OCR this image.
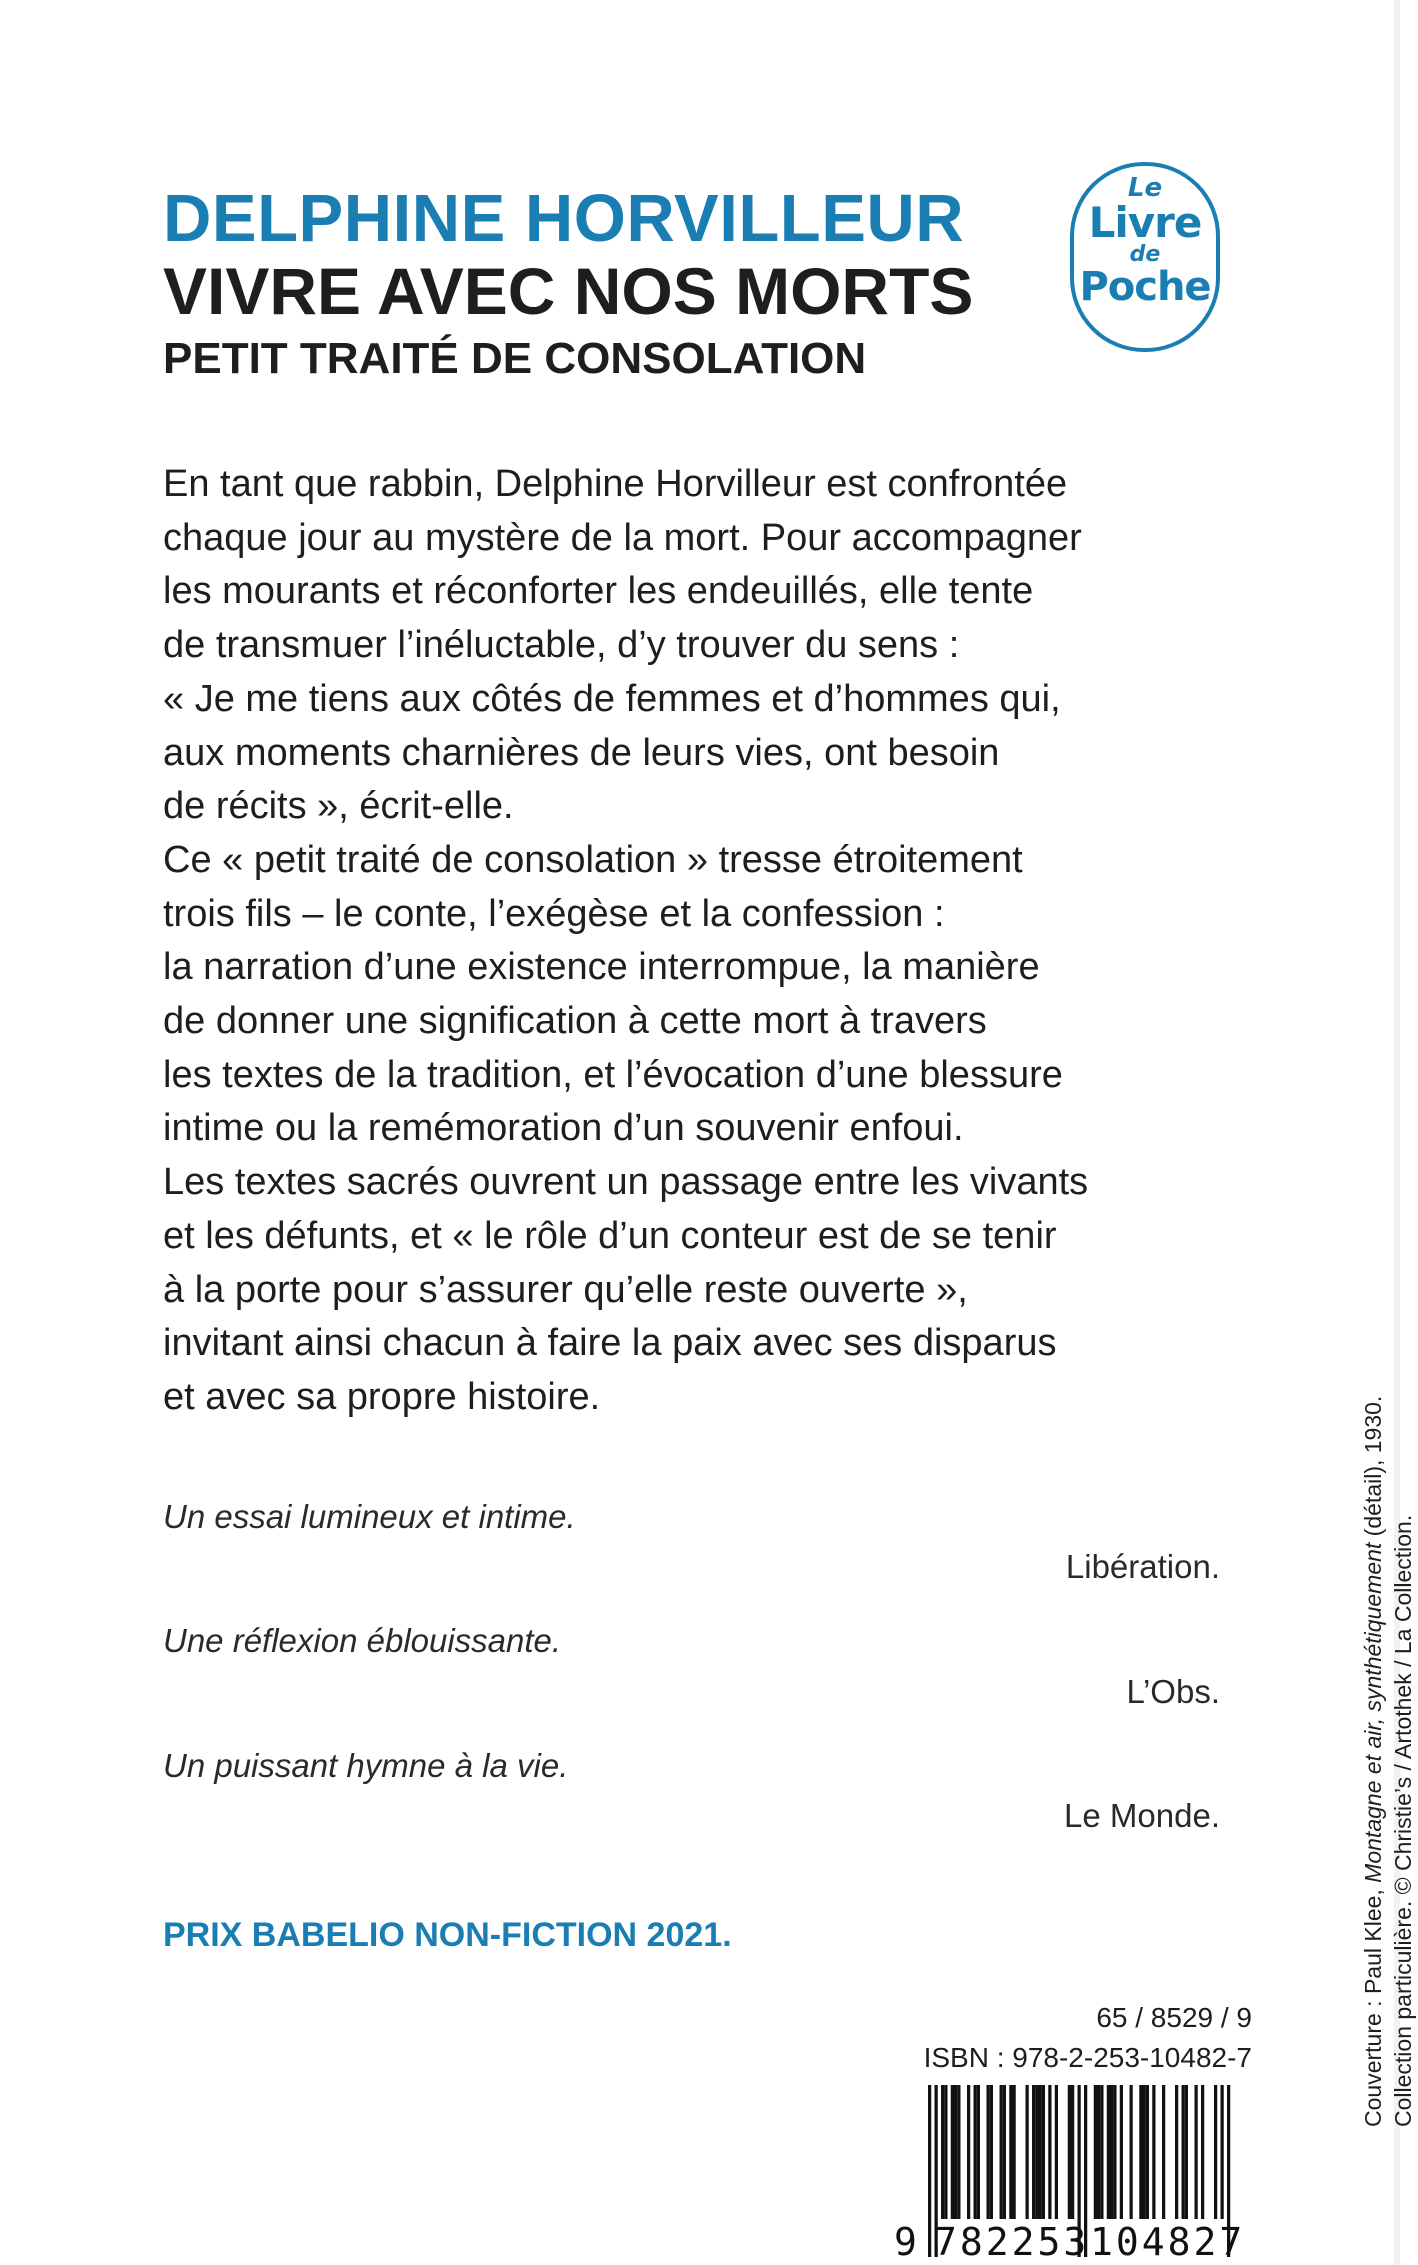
DELPHINE HORVILLEUR
VIVRE AVEC NOS MORTS
PETIT TRAITÉ DE CONSOLATION
Le
Livre
de
Poche
En tant que rabbin, Delphine Horvilleur est confrontée
chaque jour au mystère de la mort. Pour accompagner
les mourants et réconforter les endeuillés, elle tente
de transmuer l’inéluctable, d’y trouver du sens :
« Je me tiens aux côtés de femmes et d’hommes qui,
aux moments charnières de leurs vies, ont besoin
de récits », écrit-elle.
Ce « petit traité de consolation » tresse étroitement
trois fils – le conte, l’exégèse et la confession :
la narration d’une existence interrompue, la manière
de donner une signification à cette mort à travers
les textes de la tradition, et l’évocation d’une blessure
intime ou la remémoration d’un souvenir enfoui.
Les textes sacrés ouvrent un passage entre les vivants
et les défunts, et « le rôle d’un conteur est de se tenir
à la porte pour s’assurer qu’elle reste ouverte »,
invitant ainsi chacun à faire la paix avec ses disparus
et avec sa propre histoire.
Un essai lumineux et intime.
Libération.
Une réflexion éblouissante.
L’Obs.
Un puissant hymne à la vie.
Le Monde.
PRIX BABELIO NON-FICTION 2021.
65 / 8529 / 9
ISBN : 978-2-253-10482-7
9 782253 104827
Couverture : Paul Klee, Montagne et air, synthétiquement (détail), 1930.
Collection particulière. © Christie’s / Artothek / La Collection.
